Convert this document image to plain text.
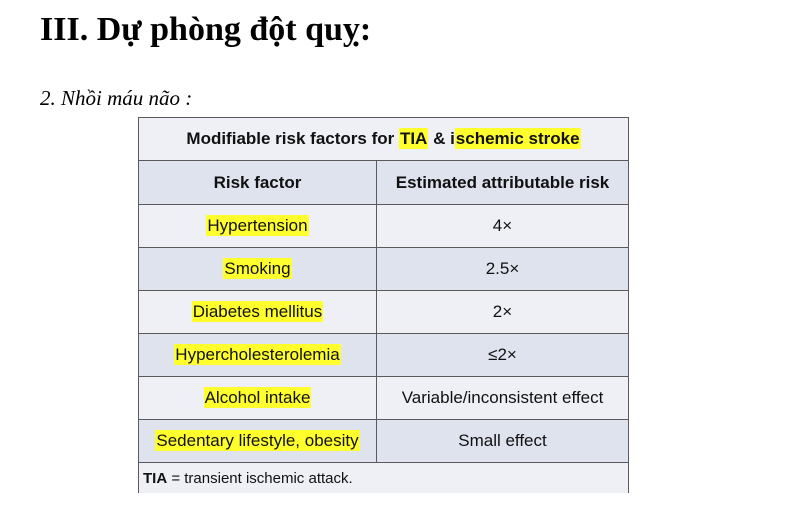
III. Dự phòng đột quỵ:

2. Nhồi máu não :

Modifiable risk factors for TIA & ischemic stroke	
Risk factor	Estimated attributable risk
Hypertension	4×
Smoking	2.5×
Diabetes mellitus	2×
Hypercholesterolemia	≤2×
Alcohol intake	Variable/inconsistent effect
Sedentary lifestyle, obesity	Small effect
TIA = transient ischemic attack.	
